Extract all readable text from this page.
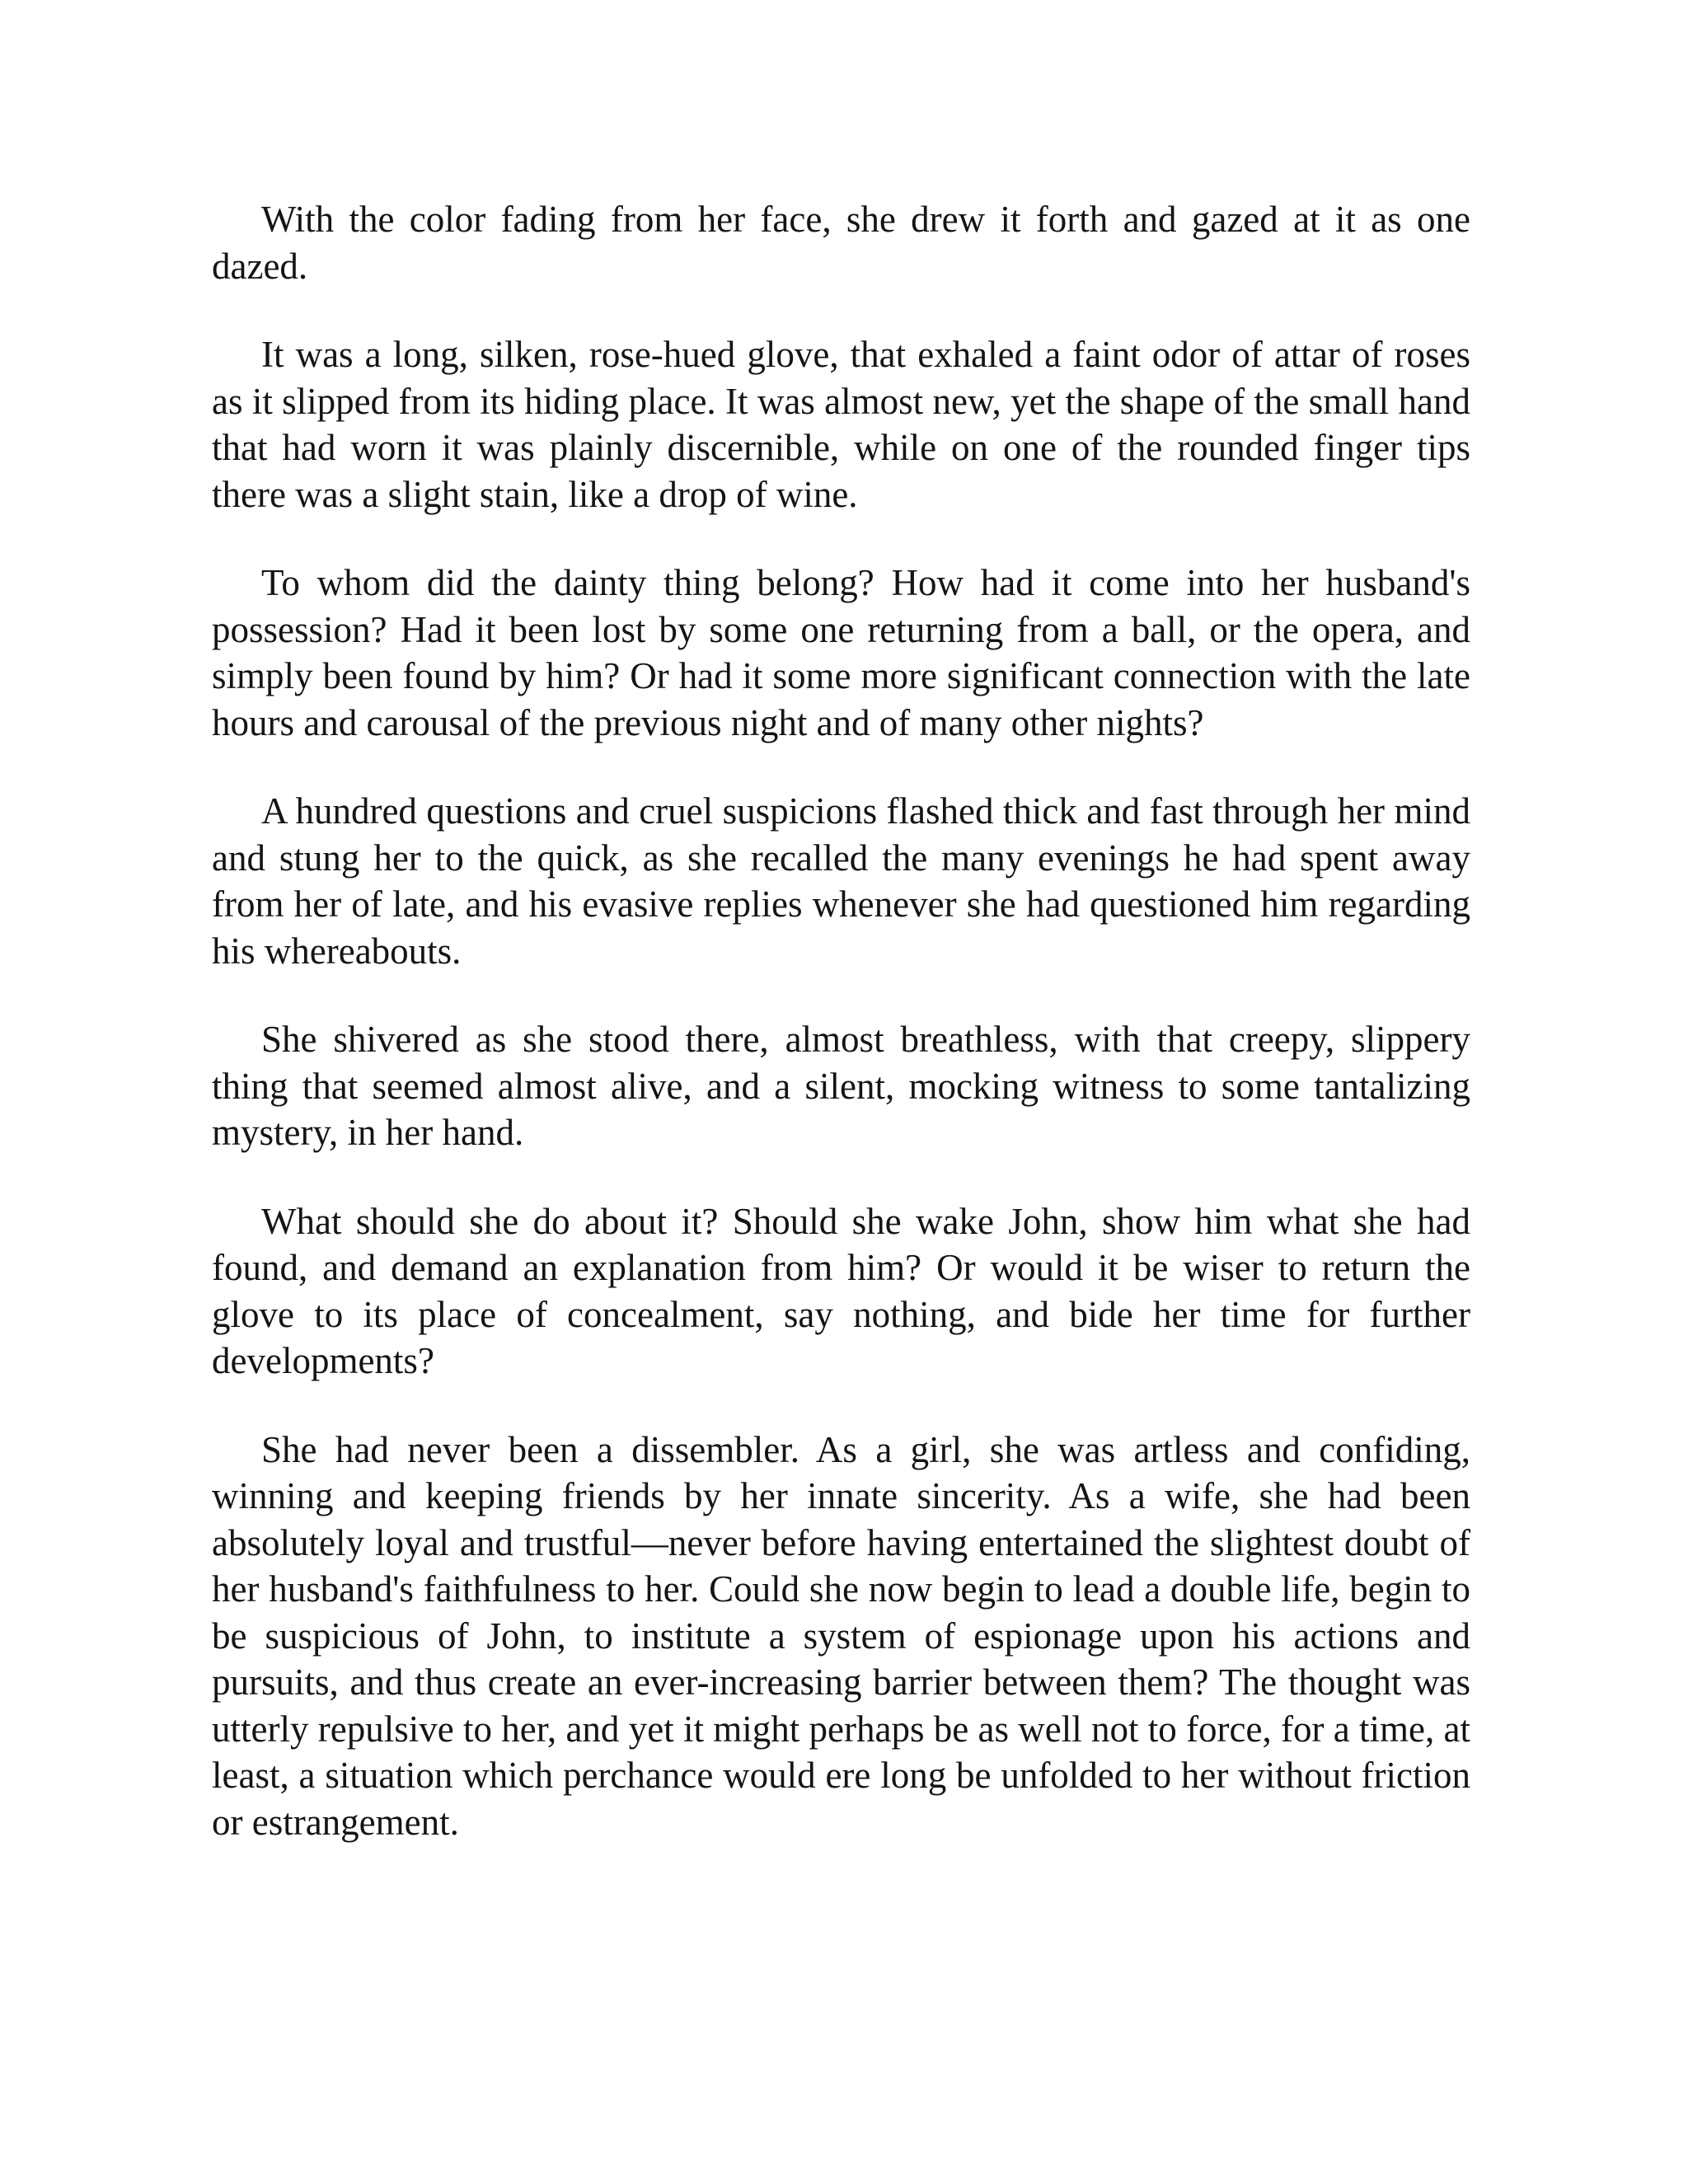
With the color fading from her face, she drew it forth and gazed at it as one dazed.

It was a long, silken, rose-hued glove, that exhaled a faint odor of attar of roses as it slipped from its hiding place. It was almost new, yet the shape of the small hand that had worn it was plainly discernible, while on one of the rounded finger tips there was a slight stain, like a drop of wine.

To whom did the dainty thing belong? How had it come into her husband's possession? Had it been lost by some one returning from a ball, or the opera, and simply been found by him? Or had it some more significant connection with the late hours and carousal of the previous night and of many other nights?

A hundred questions and cruel suspicions flashed thick and fast through her mind and stung her to the quick, as she recalled the many evenings he had spent away from her of late, and his evasive replies whenever she had questioned him regarding his whereabouts.

She shivered as she stood there, almost breathless, with that creepy, slippery thing that seemed almost alive, and a silent, mocking witness to some tantalizing mystery, in her hand.

What should she do about it? Should she wake John, show him what she had found, and demand an explanation from him? Or would it be wiser to return the glove to its place of concealment, say nothing, and bide her time for further developments?

She had never been a dissembler. As a girl, she was artless and confiding, winning and keeping friends by her innate sincerity. As a wife, she had been absolutely loyal and trustful—never before having entertained the slightest doubt of her husband's faithfulness to her. Could she now begin to lead a double life, begin to be suspicious of John, to institute a system of espionage upon his actions and pursuits, and thus create an ever-increasing barrier between them? The thought was utterly repulsive to her, and yet it might perhaps be as well not to force, for a time, at least, a situation which perchance would ere long be unfolded to her without friction or estrangement.
